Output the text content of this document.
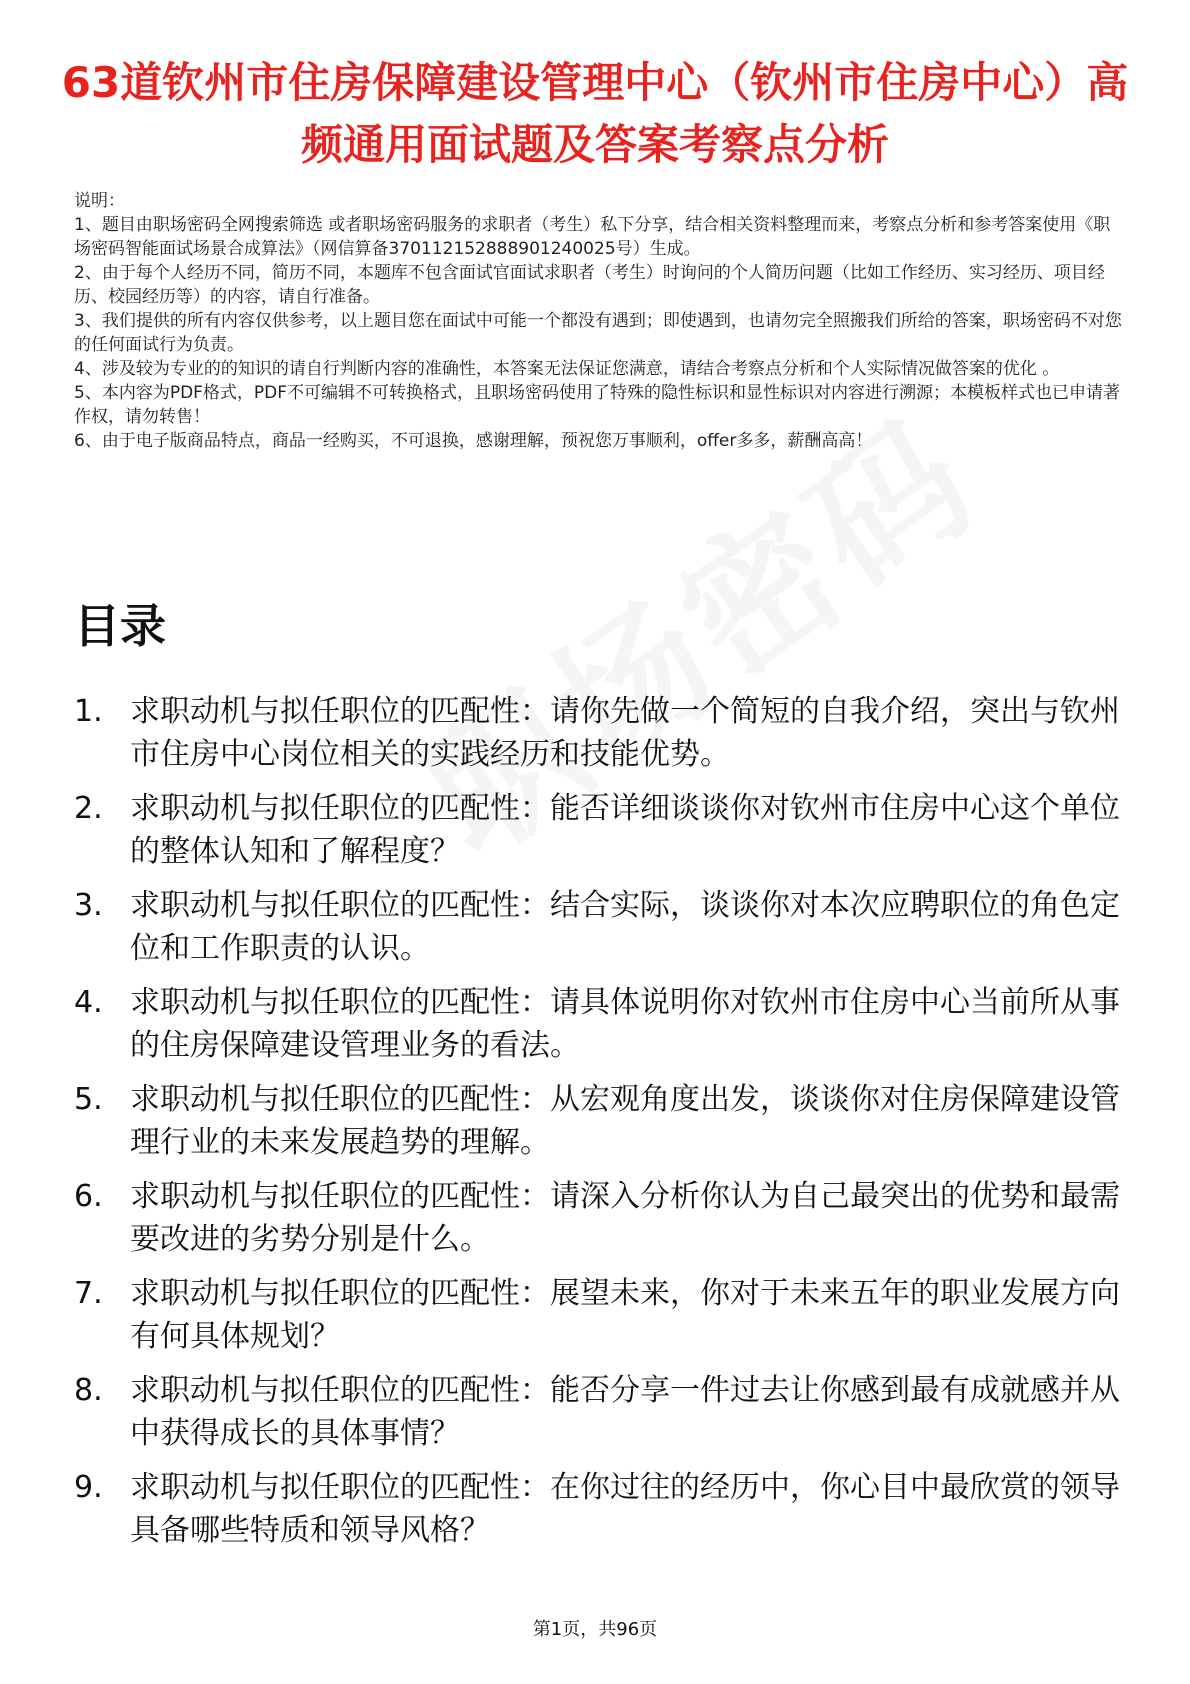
63道钦州市住房保障建设管理中心（钦州市住房中心）高频通用面试题及答案考察点分析

说明：

1、题目由职场密码全网搜索筛选 或者职场密码服务的求职者（考生）私下分享，结合相关资料整理而来，考察点分析和参考答案使用《职场密码智能面试场景合成算法》（网信算备370112152888901240025号）生成。

2、由于每个人经历不同，简历不同，本题库不包含面试官面试求职者（考生）时询问的个人简历问题（比如工作经历、实习经历、项目经历、校园经历等）的内容，请自行准备。

3、我们提供的所有内容仅供参考，以上题目您在面试中可能一个都没有遇到；即使遇到，也请勿完全照搬我们所给的答案，职场密码不对您的任何面试行为负责。

4、涉及较为专业的的知识的请自行判断内容的准确性，本答案无法保证您满意，请结合考察点分析和个人实际情况做答案的优化 。

5、本内容为PDF格式，PDF不可编辑不可转换格式，且职场密码使用了特殊的隐性标识和显性标识对内容进行溯源；本模板样式也已申请著作权，请勿转售！

6、由于电子版商品特点，商品一经购买，不可退换，感谢理解，预祝您万事顺利，offer多多，薪酬高高！

目录
1. 求职动机与拟任职位的匹配性：请你先做一个简短的自我介绍，突出与钦州市住房中心岗位相关的实践经历和技能优势。
2. 求职动机与拟任职位的匹配性：能否详细谈谈你对钦州市住房中心这个单位的整体认知和了解程度？
3. 求职动机与拟任职位的匹配性：结合实际，谈谈你对本次应聘职位的角色定位和工作职责的认识。
4. 求职动机与拟任职位的匹配性：请具体说明你对钦州市住房中心当前所从事的住房保障建设管理业务的看法。
5. 求职动机与拟任职位的匹配性：从宏观角度出发，谈谈你对住房保障建设管理行业的未来发展趋势的理解。
6. 求职动机与拟任职位的匹配性：请深入分析你认为自己最突出的优势和最需要改进的劣势分别是什么。
7. 求职动机与拟任职位的匹配性：展望未来，你对于未来五年的职业发展方向有何具体规划？
8. 求职动机与拟任职位的匹配性：能否分享一件过去让你感到最有成就感并从中获得成长的具体事情？
9. 求职动机与拟任职位的匹配性：在你过往的经历中，你心目中最欣赏的领导具备哪些特质和领导风格？
第1页，共96页
